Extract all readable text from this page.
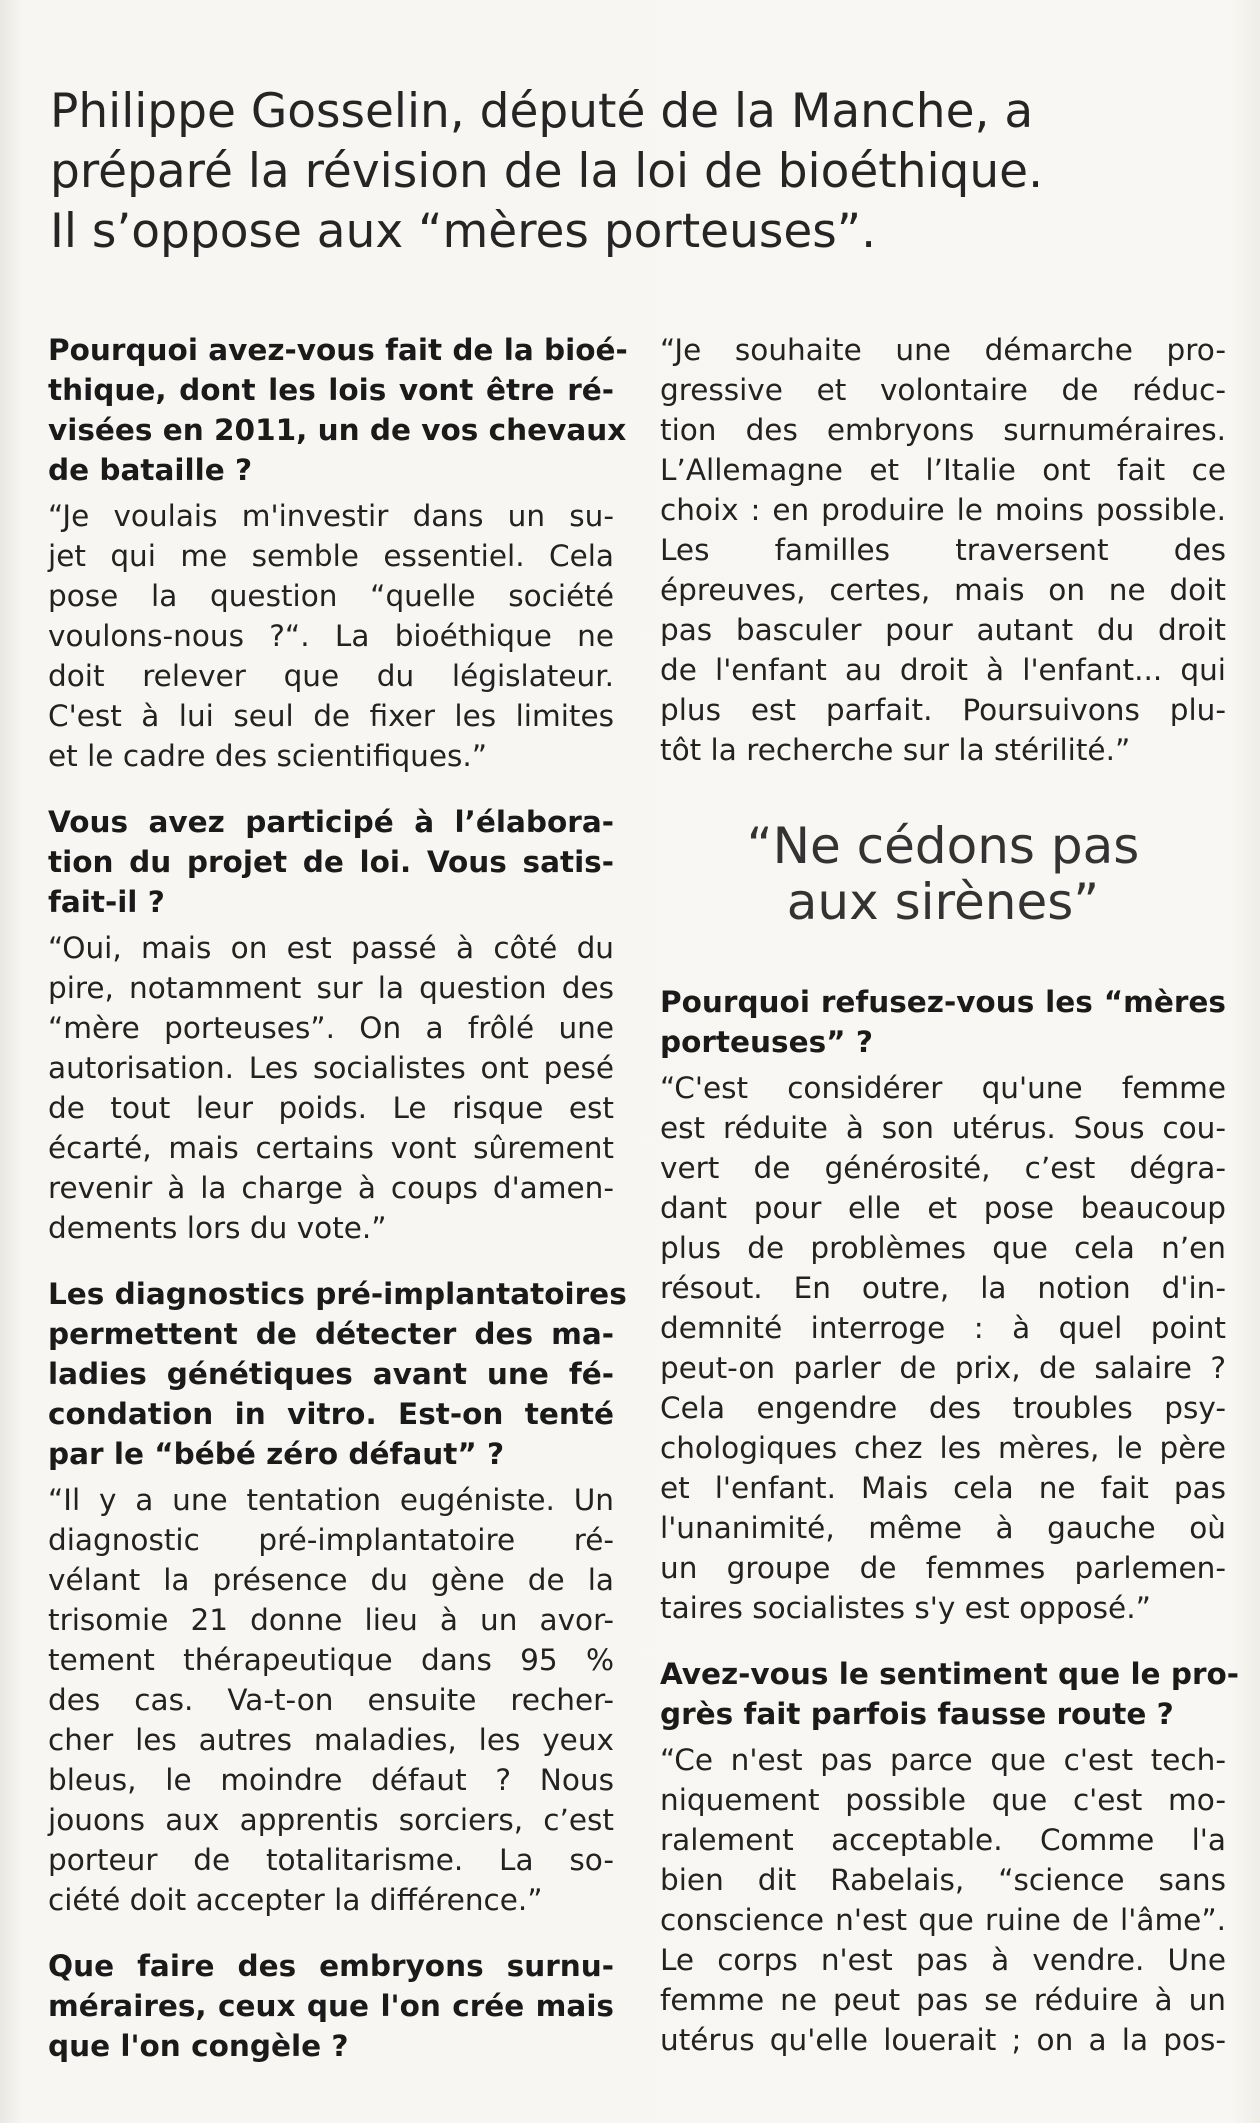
Philippe Gosselin, député de la Manche, a
préparé la révision de la loi de bioéthique.
Il s’oppose aux “mères porteuses”.

Pourquoi avez-vous fait de la bioé-
thique, dont les lois vont être ré-
visées en 2011, un de vos chevaux
de bataille ?

“Je voulais m'investir dans un su-
jet qui me semble essentiel. Cela
pose la question “quelle société
voulons-nous ?“. La bioéthique ne
doit relever que du législateur.
C'est à lui seul de fixer les limites
et le cadre des scientifiques.”

Vous avez participé à l’élabora-
tion du projet de loi. Vous satis-
fait-il ?

“Oui, mais on est passé à côté du
pire, notamment sur la question des
“mère porteuses”. On a frôlé une
autorisation. Les socialistes ont pesé
de tout leur poids. Le risque est
écarté, mais certains vont sûrement
revenir à la charge à coups d'amen-
dements lors du vote.”

Les diagnostics pré-implantatoires
permettent de détecter des ma-
ladies génétiques avant une fé-
condation in vitro. Est-on tenté
par le “bébé zéro défaut” ?

“Il y a une tentation eugéniste. Un
diagnostic pré-implantatoire ré-
vélant la présence du gène de la
trisomie 21 donne lieu à un avor-
tement thérapeutique dans 95 %
des cas. Va-t-on ensuite recher-
cher les autres maladies, les yeux
bleus, le moindre défaut ? Nous
jouons aux apprentis sorciers, c’est
porteur de totalitarisme. La so-
ciété doit accepter la différence.”

Que faire des embryons surnu-
méraires, ceux que l'on crée mais
que l'on congèle ?

“Je souhaite une démarche pro-
gressive et volontaire de réduc-
tion des embryons surnuméraires.
L’Allemagne et l’Italie ont fait ce
choix : en produire le moins possible.
Les familles traversent des
épreuves, certes, mais on ne doit
pas basculer pour autant du droit
de l'enfant au droit à l'enfant... qui
plus est parfait. Poursuivons plu-
tôt la recherche sur la stérilité.”

“Ne cédons pas
aux sirènes”

Pourquoi refusez-vous les “mères
porteuses” ?

“C'est considérer qu'une femme
est réduite à son utérus. Sous cou-
vert de générosité, c’est dégra-
dant pour elle et pose beaucoup
plus de problèmes que cela n’en
résout. En outre, la notion d'in-
demnité interroge : à quel point
peut-on parler de prix, de salaire ?
Cela engendre des troubles psy-
chologiques chez les mères, le père
et l'enfant. Mais cela ne fait pas
l'unanimité, même à gauche où
un groupe de femmes parlemen-
taires socialistes s'y est opposé.”

Avez-vous le sentiment que le pro-
grès fait parfois fausse route ?

“Ce n'est pas parce que c'est tech-
niquement possible que c'est mo-
ralement acceptable. Comme l'a
bien dit Rabelais, “science sans
conscience n'est que ruine de l'âme”.
Le corps n'est pas à vendre. Une
femme ne peut pas se réduire à un
utérus qu'elle louerait ; on a la pos-
